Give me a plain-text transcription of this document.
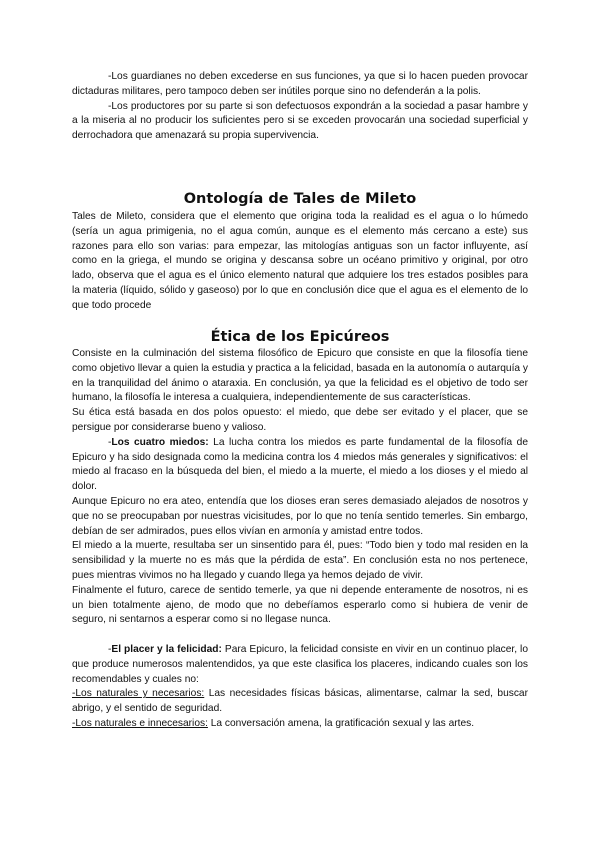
-Los guardianes no deben excederse en sus funciones, ya que si lo hacen pueden provocar dictaduras militares, pero tampoco deben ser inútiles porque sino no defenderán a la polis.

-Los productores por su parte si son defectuosos expondrán a la sociedad a pasar hambre y a la miseria al no producir los suficientes pero si se exceden provocarán una sociedad superficial y derrochadora que amenazará su propia supervivencia.

Ontología de Tales de Mileto

Tales de Mileto, considera que el elemento que origina toda la realidad es el agua o lo húmedo (sería un agua primigenia, no el agua común, aunque es el elemento más cercano a este) sus razones para ello son varias: para empezar, las mitologías antiguas son un factor influyente, así como en la griega, el mundo se origina y descansa sobre un océano primitivo y original, por otro lado, observa que el agua es el único elemento natural que adquiere los tres estados posibles para la materia (líquido, sólido y gaseoso) por lo que en conclusión dice que el agua es el elemento de lo que todo procede

Ética de los Epicúreos

Consiste en la culminación del sistema filosófico de Epicuro que consiste en que la filosofía tiene como objetivo llevar a quien la estudia y practica a la felicidad, basada en la autonomía o autarquía y en la tranquilidad del ánimo o ataraxia. En conclusión, ya que la felicidad es el objetivo de todo ser humano, la filosofía le interesa a cualquiera, independientemente de sus características.

Su ética está basada en dos polos opuesto: el miedo, que debe ser evitado y el placer, que se persigue por considerarse bueno y valioso.

-Los cuatro miedos: La lucha contra los miedos es parte fundamental de la filosofía de Epicuro y ha sido designada como la medicina contra los 4 miedos más generales y significativos: el miedo al fracaso en la búsqueda del bien, el miedo a la muerte, el miedo a los dioses y el miedo al dolor.

Aunque Epicuro no era ateo, entendía que los dioses eran seres demasiado alejados de nosotros y que no se preocupaban por nuestras vicisitudes, por lo que no tenía sentido temerles. Sin embargo, debían de ser admirados, pues ellos vivían en armonía y amistad entre todos.

El miedo a la muerte, resultaba ser un sinsentido para él, pues: “Todo bien y todo mal residen en la sensibilidad y la muerte no es más que la pérdida de esta”. En conclusión esta no nos pertenece, pues mientras vivimos no ha llegado y cuando llega ya hemos dejado de vivir.

Finalmente el futuro, carece de sentido temerle, ya que ni depende enteramente de nosotros, ni es un bien totalmente ajeno, de modo que no debeŕíamos esperarlo como si hubiera de venir de seguro, ni sentarnos a esperar como si no llegase nunca.

-El placer y la felicidad: Para Epicuro, la felicidad consiste en vivir en un continuo placer, lo que produce numerosos malentendidos, ya que este clasifica los placeres, indicando cuales son los recomendables y cuales no:

-Los naturales y necesarios: Las necesidades físicas básicas, alimentarse, calmar la sed, buscar abrigo, y el sentido de seguridad.

-Los naturales e innecesarios: La conversación amena, la gratificación sexual y las artes.
